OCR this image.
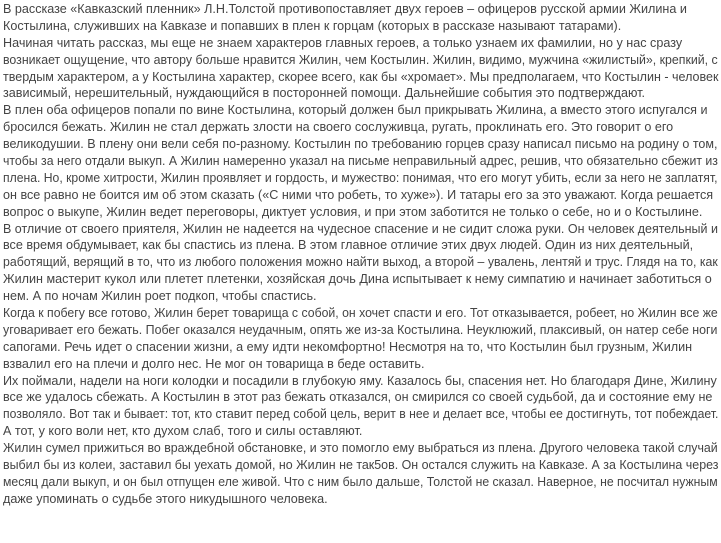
В рассказе «Кавказский пленник» Л.Н.Толстой противопоставляет двух героев – офицеров русской армии Жилина и
Костылина, служивших на Кавказе и попавших в плен к горцам (которых в рассказе называют татарами).
Начиная читать рассказ, мы еще не знаем характеров главных героев, а только узнаем их фамилии, но у нас сразу
возникает ощущение, что автору больше нравится Жилин, чем Костылин. Жилин, видимо, мужчина «жилистый», крепкий, с
твердым характером, а у Костылина характер, скорее всего, как бы «хромает». Мы предполагаем, что Костылин - человек
зависимый, нерешительный, нуждающийся в посторонней помощи. Дальнейшие события это подтверждают.
В плен оба офицеров попали по вине Костылина, который должен был прикрывать Жилина, а вместо этого испугался и
бросился бежать. Жилин не стал держать злости на своего сослуживца, ругать, проклинать его. Это говорит о его
великодушии. В плену они вели себя по-разному. Костылин по требованию горцев сразу написал письмо на родину о том,
чтобы за него отдали выкуп. А Жилин намеренно указал на письме неправильный адрес, решив, что обязательно сбежит из
плена. Но, кроме хитрости, Жилин проявляет и гордость, и мужество: понимая, что его могут убить, если за него не заплатят,
он все равно не боится им об этом сказать («С ними что робеть, то хуже»). И татары его за это уважают. Когда решается
вопрос о выкупе, Жилин ведет переговоры, диктует условия, и при этом заботится не только о себе, но и о Костылине.
В отличие от своего приятеля, Жилин не надеется на чудесное спасение и не сидит сложа руки. Он человек деятельный и
все время обдумывает, как бы спастись из плена. В этом главное отличие этих двух людей. Один из них деятельный,
работящий, верящий в то, что из любого положения можно найти выход, а второй – увалень, лентяй и трус. Глядя на то, как
Жилин мастерит кукол или плетет плетенки, хозяйская дочь Дина испытывает к нему симпатию и начинает заботиться о
нем. А по ночам Жилин роет подкоп, чтобы спастись.
Когда к побегу все готово, Жилин берет товарища с собой, он хочет спасти и его. Тот отказывается, робеет, но Жилин все же
уговаривает его бежать. Побег оказался неудачным, опять же из-за Костылина. Неуклюжий, плаксивый, он натер себе ноги
сапогами. Речь идет о спасении жизни, а ему идти некомфортно! Несмотря на то, что Костылин был грузным, Жилин
взвалил его на плечи и долго нес. Не мог он товарища в беде оставить.
Их поймали, надели на ноги колодки и посадили в глубокую яму. Казалось бы, спасения нет. Но благодаря Дине, Жилину
все же удалось сбежать. А Костылин в этот раз бежать отказался, он смирился со своей судьбой, да и состояние ему не
позволяло. Вот так и бывает: тот, кто ставит перед собой цель, верит в нее и делает все, чтобы ее достигнуть, тот побеждает.
А тот, у кого воли нет, кто духом слаб, того и силы оставляют.
Жилин сумел прижиться во враждебной обстановке, и это помогло ему выбраться из плена. Другого человека такой случай
выбил бы из колеи, заставил бы уехать домой, но Жилин не так5ов. Он остался служить на Кавказе. А за Костылина через
месяц дали выкуп, и он был отпущен еле живой. Что с ним было дальше, Толстой не сказал. Наверное, не посчитал нужным
даже упоминать о судьбе этого никудышного человека.
